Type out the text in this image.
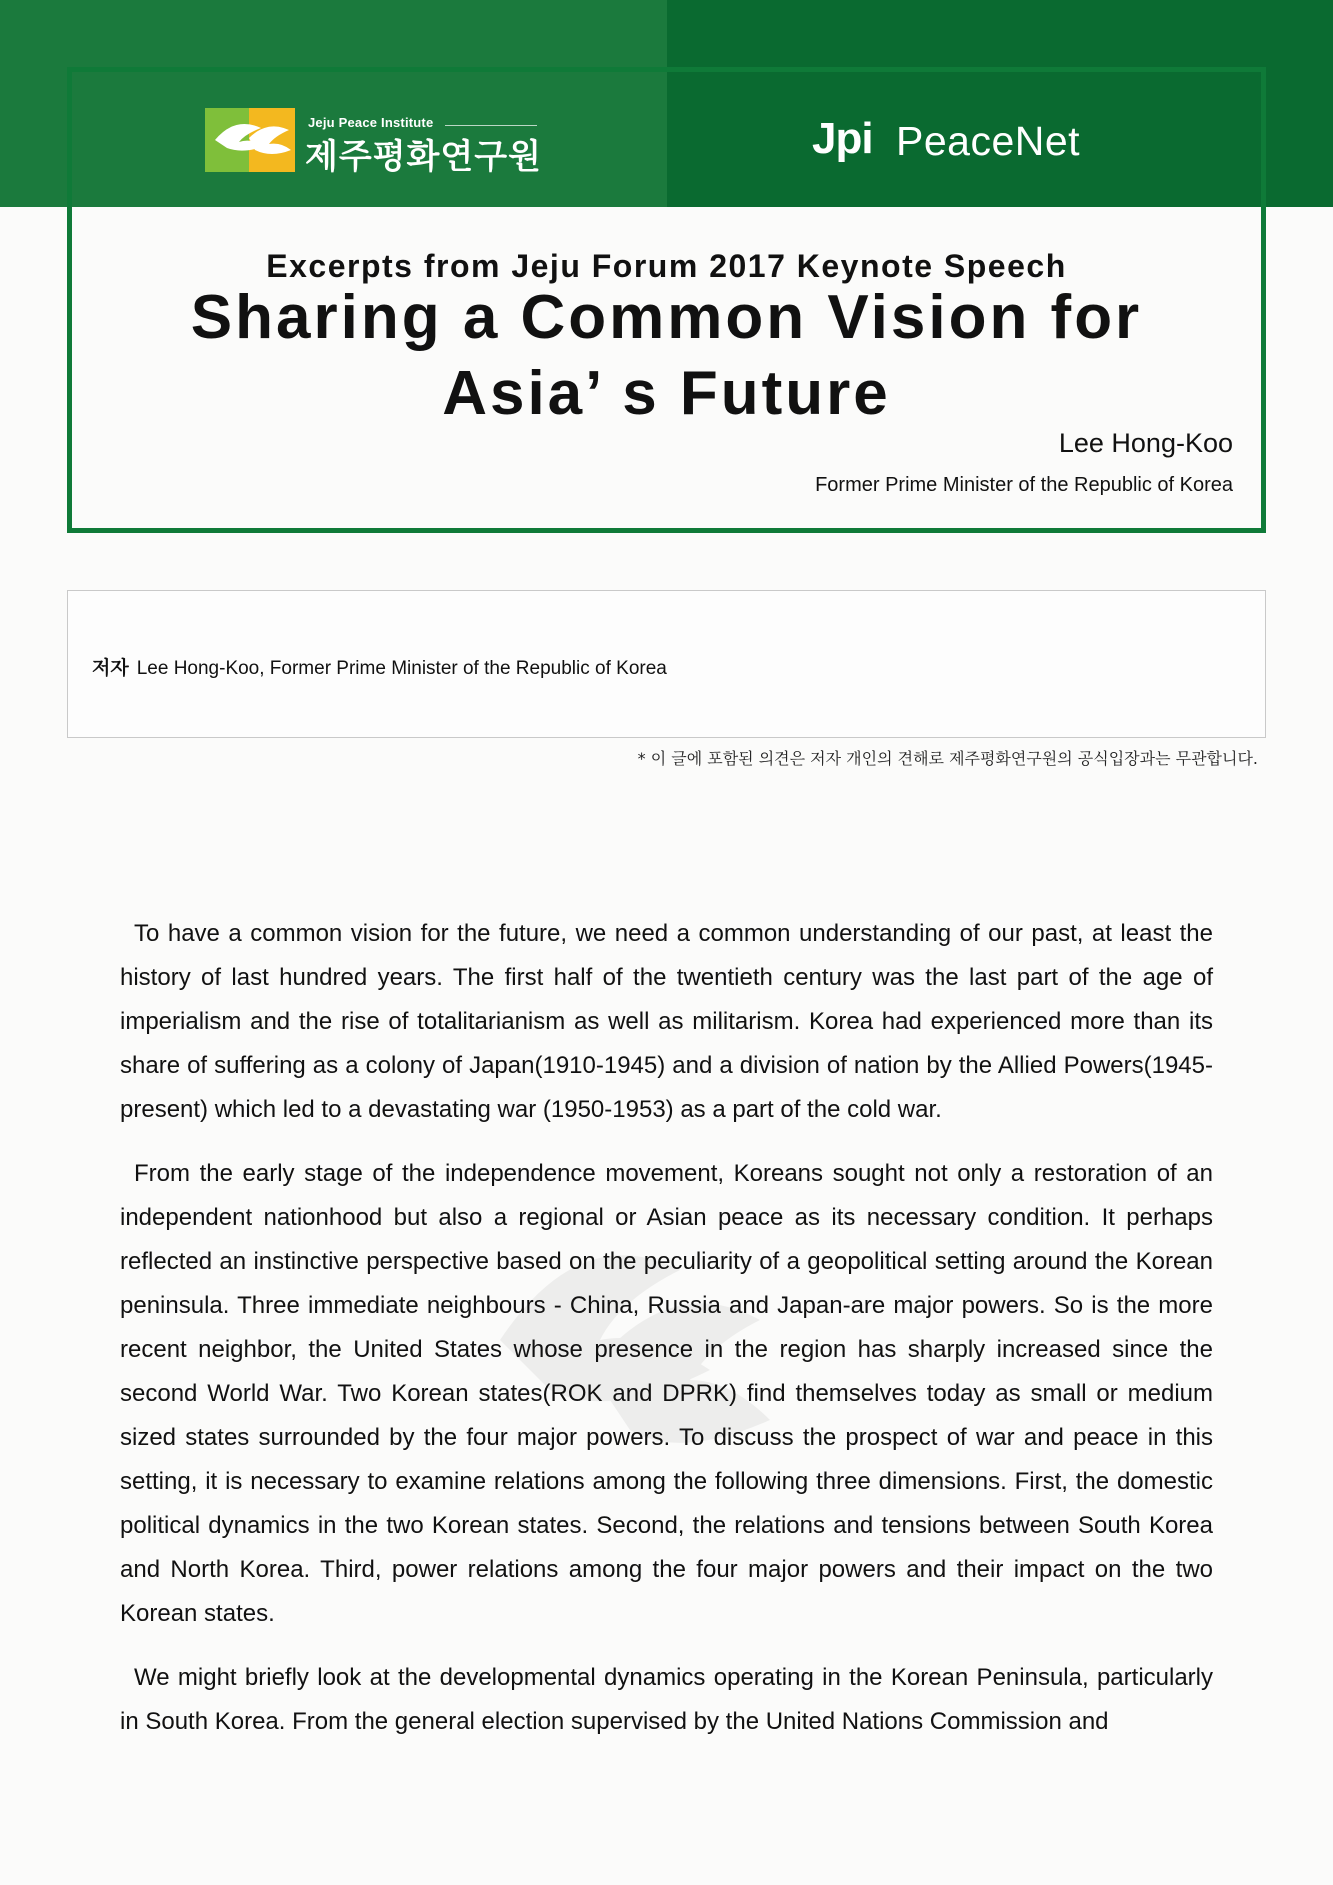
Jeju Peace Institute
제주평화연구원	Jpi PeaceNet
Excerpts from Jeju Forum 2017 Keynote Speech
Sharing a Common Vision for
Asia’ s Future
Lee Hong-Koo
Former Prime Minister of the Republic of Korea
저자 Lee Hong-Koo, Former Prime Minister of the Republic of Korea
* 이 글에 포함된 의견은 저자 개인의 견해로 제주평화연구원의 공식입장과는 무관합니다.

To have a common vision for the future, we need a common understanding of our past, at least the history of last hundred years. The first half of the twentieth century was the last part of the age of imperialism and the rise of totalitarianism as well as militarism. Korea had experienced more than its share of suffering as a colony of Japan(1910-1945) and a division of nation by the Allied Powers(1945-present) which led to a devastating war (1950-1953) as a part of the cold war.

From the early stage of the independence movement, Koreans sought not only a restoration of an independent nationhood but also a regional or Asian peace as its necessary condition. It perhaps reflected an instinctive perspective based on the peculiarity of a geopolitical setting around the Korean peninsula. Three immediate neighbours - China, Russia and Japan-are major powers. So is the more recent neighbor, the United States whose presence in the region has sharply increased since the second World War. Two Korean states(ROK and DPRK) find themselves today as small or medium sized states surrounded by the four major powers. To discuss the prospect of war and peace in this setting, it is necessary to examine relations among the following three dimensions. First, the domestic political dynamics in the two Korean states. Second, the relations and tensions between South Korea and North Korea. Third, power relations among the four major powers and their impact on the two Korean states.

We might briefly look at the developmental dynamics operating in the Korean Peninsula, particularly in South Korea. From the general election supervised by the United Nations Commission and
